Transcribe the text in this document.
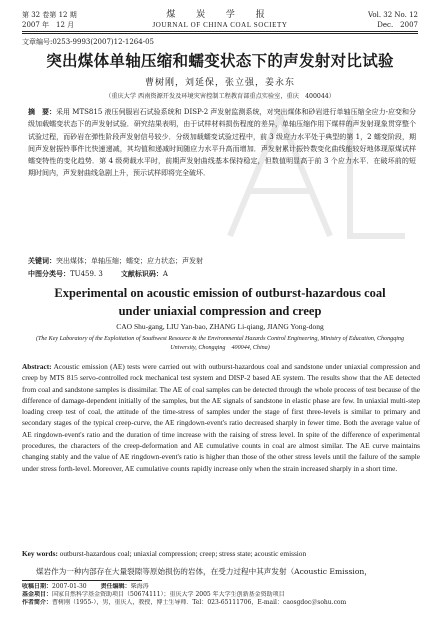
第 32 卷第 12 期	煤 炭 学 报	Vol. 32 No. 12
2007 年　12 月	JOURNAL OF CHINA COAL SOCIETY	Dec.　2007
文章编号:0253-9993(2007)12-1264-05
突出煤体单轴压缩和蠕变状态下的声发射对比试验
曹树刚，刘延保，张立强，姜永东
（重庆大学 西南资源开发及环境灾害控制工程教育部重点实验室，重庆　400044）
摘　要：采用 MTS815 液压伺服岩石试验系统和 DISP-2 声发射监测系统，对突出煤体和砂岩进行单轴压缩全应力-应变和分级加载蠕变状态下的声发射试验．研究结果表明，由于试样材料损伤程度的差异，单轴压缩作用下煤样的声发射现象贯穿整个试验过程，而砂岩在弹性阶段声发射信号较少．分级加载蠕变试验过程中，前 3 级应力水平处于典型的第 1，2 蠕变阶段，期间声发射振铃事件比快速递减，其均值和递减时间随应力水平升高而增加．声发射累计振铃数变化曲线能较好地体现原煤试样蠕变特性的变化趋势．第 4 级荷载水平时，前期声发射曲线基本保持稳定，但数值明显高于前 3 个应力水平．在破坏前的短期时间内，声发射曲线急剧上升，预示试样即将完全破坏．
关键词：突出煤体；单轴压缩；蠕变；应力状态；声发射
中图分类号：TU459. 3	文献标识码：A
Experimental on acoustic emission of outburst-hazardous coal
under uniaxial compression and creep
CAO Shu-gang, LIU Yan-bao, ZHANG Li-qiang, JIANG Yong-dong
(The Key Laboratory of the Exploitation of Southwest Resource & the Environmental Hazards Control Engineering, Ministry of Education, Chongqing University, Chongqing　400044, China)
Abstract: Acoustic emission (AE) tests were carried out with outburst-hazardous coal and sandstone under uniaxial compression and creep by MTS 815 servo-controlled rock mechanical test system and DISP-2 based AE system. The results show that the AE detected from coal and sandstone samples is dissimilar. The AE of coal samples can be detected through the whole process of test because of the difference of damage-dependent initially of the samples, but the AE signals of sandstone in elastic phase are few. In uniaxial multi-step loading creep test of coal, the attitude of the time-stress of samples under the stage of first three-levels is similar to primary and secondary stages of the typical creep-curve, the AE ringdown-event's ratio decreased sharply in fewer time. Both the average value of AE ringdown-event's ratio and the duration of time increase with the raising of stress level. In spite of the difference of experimental procedures, the characters of the creep-deformation and AE cumulative counts in coal are almost similar. The AE curve maintains changing stably and the value of AE ringdown-event's ratio is higher than those of the other stress levels until the failure of the sample under stress forth-level. Moreover, AE cumulative counts rapidly increase only when the strain increased sharply in a short time.
Key words: outburst-hazardous coal; uniaxial compression; creep; stress state; acoustic emission
煤岩作为一种内部存在大量裂隙等原始损伤的岩体，在受力过程中其声发射（Acoustic Emission，
收稿日期：2007-01-30 责任编辑：柴海涛
基金项目：国家自然科学基金资助项目（50674111）；重庆大学 2005 年大学生创新基金资助项目
作者简介：曹树刚（1955-），男，重庆人，教授，博士生导师．Tel：023-65111706，E-mail：caosgdoc＠sohu.com
